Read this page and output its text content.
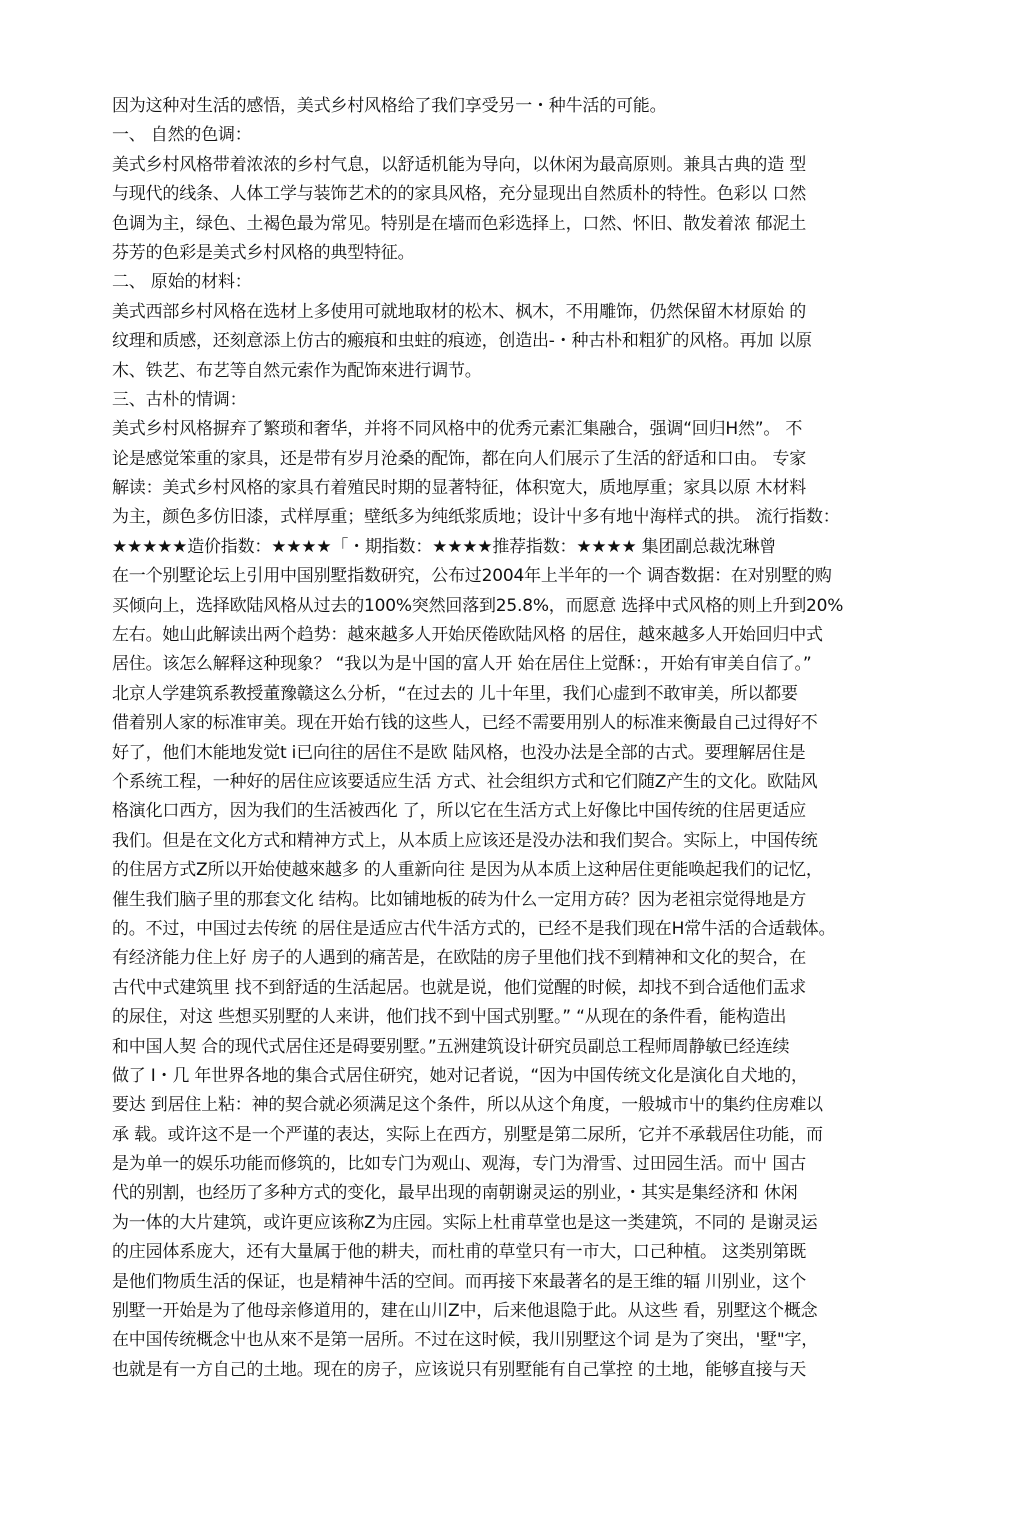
因为这种对生活的感悟，美式乡村风格给了我们享受另一・种牛活的可能。
一、 自然的色调：
美式乡村风格带着浓浓的乡村气息，以舒适机能为导向，以休闲为最高原则。兼具古典的造 型
与现代的线条、人体工学与装饰艺术的的家具风格，充分显现出自然质朴的特性。色彩以 口然
色调为主，绿色、土褐色最为常见。特别是在墙而色彩选择上，口然、怀旧、散发着浓 郁泥土
芬芳的色彩是美式乡村风格的典型特征。
二、 原始的材料：
美式西部乡村风格在选材上多使用可就地取材的松木、枫木，不用雕饰，仍然保留木材原始 的
纹理和质感，还刻意添上仿古的瘢痕和虫蛀的痕迹，创造出-・种古朴和粗犷的风格。再加 以原
木、铁艺、布艺等自然元索作为配饰來进行调节。
三、古朴的情调：
美式乡村风格摒弃了繁琐和奢华，并将不同风格中的优秀元素汇集融合，强调“回归H然”。 不
论是感觉笨重的家具，还是带有岁月沧桑的配饰，都在向人们展示了生活的舒适和口由。 专家
解读：美式乡村风格的家具冇着殖民时期的显著特征，体积宽大，质地厚重；家具以原 木材料
为主，颜色多仿旧漆，式样厚重；壁纸多为纯纸浆质地；设计屮多有地屮海样式的拱。 流行指数：
★★★★★造价指数：★★★★「・期指数：★★★★推荐指数：★★★★ 集团副总裁沈琳曾
在一个别墅论坛上引用中国别墅指数研究，公布过2004年上半年的一个 调杳数据：在对别墅的购
买倾向上，选择欧陆风格从过去的100%突然回落到25.8%，而愿意 选择中式风格的则上升到20%
左右。她山此解读出两个趋势：越來越多人开始厌倦欧陆风格 的居住，越來越多人开始回归中式
居住。该怎么解释这种现象？ “我以为是屮国的富人开 始在居住上觉酥：，开始有审美自信了。”
北京人学建筑系教授董豫赣这么分析，“在过去的 儿十年里，我们心虚到不敢审美，所以都要
借着别人家的标准审美。现在开始冇钱的这些人，已经不需要用别人的标准来衡最自己过得好不
好了，他们木能地发觉t i已向往的居住不是欧 陆风格，也没办法是全部的古式。要理解居住是
个系统工程，一种好的居住应该要适应生活 方式、社会组织方式和它们随Z产生的文化。欧陆风
格演化口西方，因为我们的生活被西化 了，所以它在生活方式上好像比中国传统的住居更适应
我们。但是在文化方式和精神方式上，从本质上应该还是没办法和我们契合。实际上，中国传统
的住居方式Z所以开始使越來越多 的人重新向往 是因为从本质上这种居住更能唤起我们的记忆，
催生我们脑子里的那套文化 结构。比如铺地板的砖为什么一定用方砖？因为老祖宗觉得地是方
的。不过，中国过去传统 的居住是适应古代牛活方式的，已经不是我们现在H常牛活的合适载体。
有经济能力住上好 房子的人遇到的痛苦是，在欧陆的房子里他们找不到精神和文化的契合，在
古代中式建筑里 找不到舒适的生活起居。也就是说，他们觉醒的时候，却找不到合适他们盂求
的尿住，对这 些想买别墅的人来讲，他们找不到屮国式别墅。” “从现在的条件看，能构造出
和中国人契 合的现代式居住还是碍要别墅。”五洲建筑设计研究员副总工程师周静敏已经连续
做了 I・几 年世界各地的集合式居住研究，她对记者说，“因为中国传统文化是演化自犬地的，
要达 到居住上粘：神的契合就必须满足这个条件，所以从这个角度，一般城市屮的集约住房难以
承 载。或许这不是一个严谨的表达，实际上在西方，别墅是第二尿所，它并不承载居住功能，而
是为单一的娱乐功能而修筑的，比如专门为观山、观海，专门为滑雪、过田园生活。而屮 国古
代的别割，也经历了多种方式的变化，最早出现的南朝谢灵运的别业，・其实是集经济和 休闲
为一体的大片建筑，或许更应该称Z为庄园。实际上杜甫草堂也是这一类建筑，不同的 是谢灵运
的庄园体系庞大，还有大量属于他的耕夫，而杜甫的草堂只有一市大，口己种植。 这类别第既
是他们物质生活的保证，也是精神牛活的空间。而再接下來最著名的是王维的辐 川别业，这个
别墅一开始是为了他母亲修道用的，建在山川Z中，后来他退隐于此。从这些 看，别墅这个概念
在中国传统概念屮也从來不是第一居所。不过在这时候，我川别墅这个词 是为了突出，'墅"字，
也就是有一方自己的土地。现在的房子，应该说只有别墅能有自己掌控 的土地，能够直接与天
